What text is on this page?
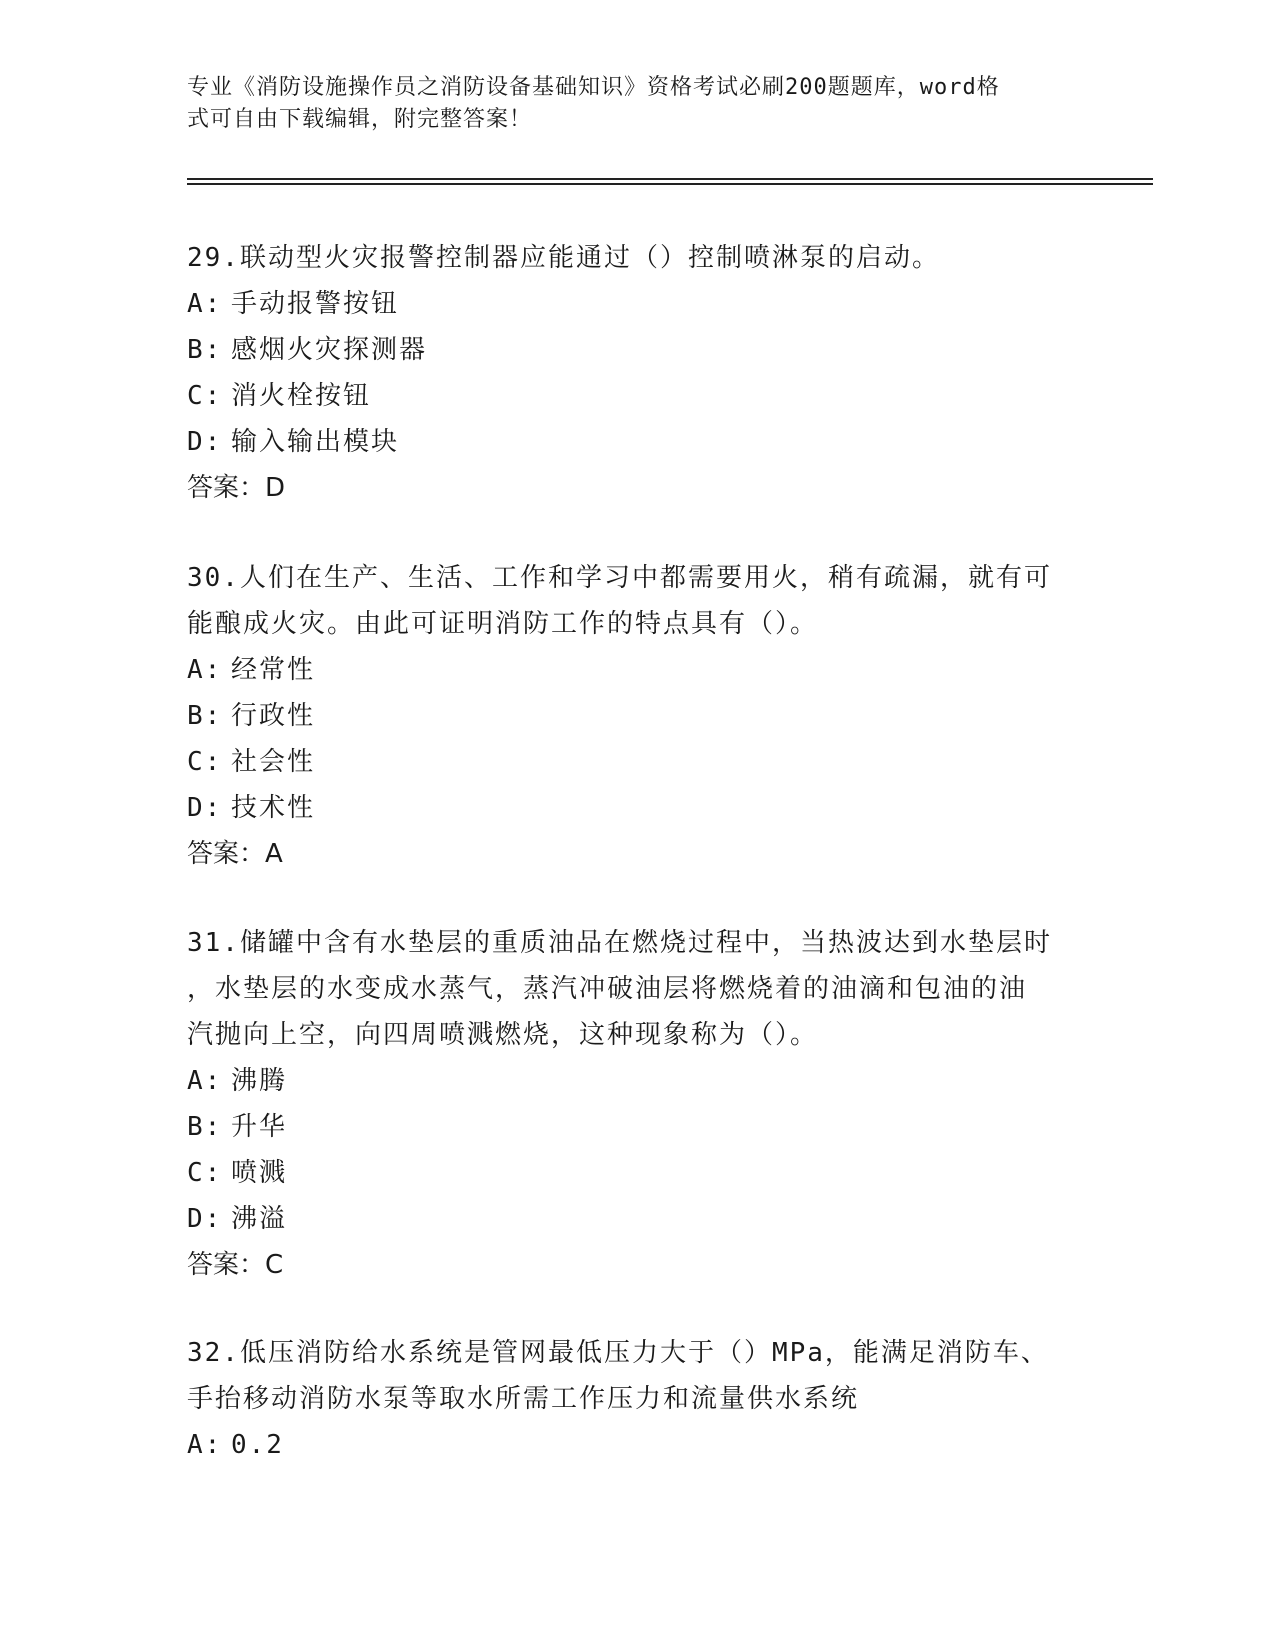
专业《消防设施操作员之消防设备基础知识》资格考试必刷200题题库，word格
式可自由下载编辑，附完整答案！

29.联动型火灾报警控制器应能通过（）控制喷淋泵的启动。

A: 手动报警按钮

B: 感烟火灾探测器

C: 消火栓按钮

D: 输入输出模块

答案：D

30.人们在生产、生活、工作和学习中都需要用火，稍有疏漏，就有可

能酿成火灾。由此可证明消防工作的特点具有（）。

A: 经常性

B: 行政性

C: 社会性

D: 技术性

答案：A

31.储罐中含有水垫层的重质油品在燃烧过程中，当热波达到水垫层时

，水垫层的水变成水蒸气，蒸汽冲破油层将燃烧着的油滴和包油的油

汽抛向上空，向四周喷溅燃烧，这种现象称为（）。

A: 沸腾

B: 升华

C: 喷溅

D: 沸溢

答案：C

32.低压消防给水系统是管网最低压力大于（）MPa，能满足消防车、

手抬移动消防水泵等取水所需工作压力和流量供水系统

A: 0.2
